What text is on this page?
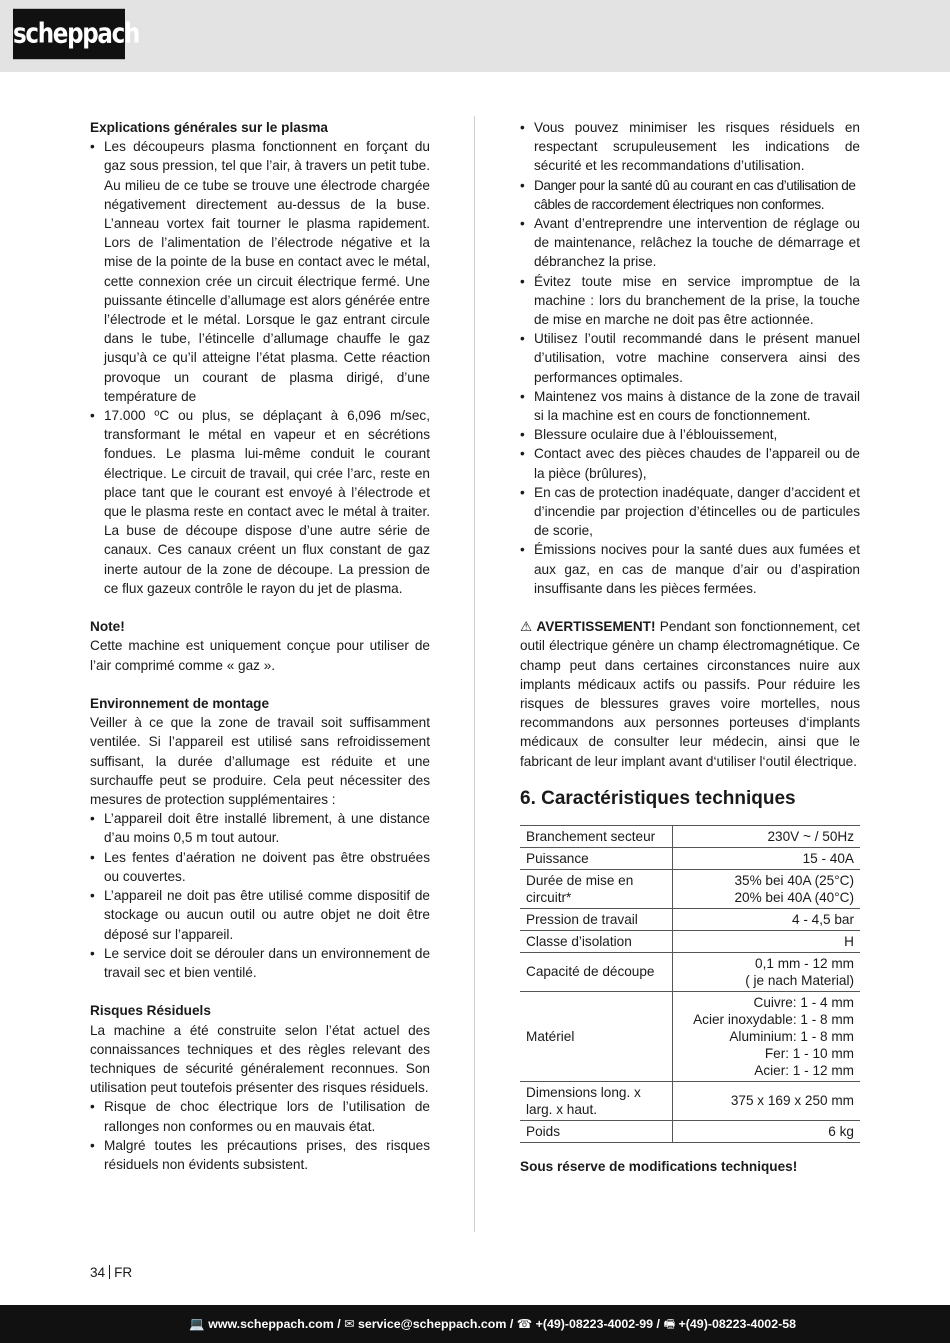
scheppach

Explications générales sur le plasma

• Les découpeurs plasma fonctionnent en forçant du gaz sous pression, tel que l’air, à travers un petit tube. Au milieu de ce tube se trouve une électrode chargée négativement directement au-dessus de la buse. L’anneau vortex fait tourner le plasma rapidement. Lors de l’alimentation de l’électrode négative et la mise de la pointe de la buse en contact avec le métal, cette connexion crée un circuit électrique fermé. Une puissante étincelle d’allumage est alors générée entre l’électrode et le métal. Lorsque le gaz entrant circule dans le tube, l’étincelle d’allumage chauffe le gaz jusqu’à ce qu’il atteigne l’état plasma. Cette réaction provoque un courant de plasma dirigé, d’une température de
• 17.000 ºC ou plus, se déplaçant à 6,096 m/sec, transformant le métal en vapeur et en sécrétions fondues. Le plasma lui-même conduit le courant électrique. Le circuit de travail, qui crée l’arc, reste en place tant que le courant est envoyé à l’électrode et que le plasma reste en contact avec le métal à traiter. La buse de découpe dispose d’une autre série de canaux. Ces canaux créent un flux constant de gaz inerte autour de la zone de découpe. La pression de ce flux gazeux contrôle le rayon du jet de plasma.

Note!

Cette machine est uniquement conçue pour utiliser de l’air comprimé comme « gaz ».

Environnement de montage

Veiller à ce que la zone de travail soit suffisamment ventilée. Si l’appareil est utilisé sans refroidissement suffisant, la durée d’allumage est réduite et une surchauffe peut se produire. Cela peut nécessiter des mesures de protection supplémentaires :

• L’appareil doit être installé librement, à une distance d’au moins 0,5 m tout autour.
• Les fentes d’aération ne doivent pas être obstruées ou couvertes.
• L’appareil ne doit pas être utilisé comme dispositif de stockage ou aucun outil ou autre objet ne doit être déposé sur l’appareil.
• Le service doit se dérouler dans un environnement de travail sec et bien ventilé.

Risques Résiduels

La machine a été construite selon l’état actuel des connaissances techniques et des règles relevant des techniques de sécurité généralement reconnues. Son utilisation peut toutefois présenter des risques résiduels.

• Risque de choc électrique lors de l’utilisation de rallonges non conformes ou en mauvais état.
• Malgré toutes les précautions prises, des risques résiduels non évidents subsistent.
• Vous pouvez minimiser les risques résiduels en respectant scrupuleusement les indications de sécurité et les recommandations d’utilisation.
• Danger pour la santé dû au courant en cas d’utilisation de câbles de raccordement électriques non conformes.
• Avant d’entreprendre une intervention de réglage ou de maintenance, relâchez la touche de démarrage et débranchez la prise.
• Évitez toute mise en service impromptue de la machine : lors du branchement de la prise, la touche de mise en marche ne doit pas être actionnée.
• Utilisez l’outil recommandé dans le présent manuel d’utilisation, votre machine conservera ainsi des performances optimales.
• Maintenez vos mains à distance de la zone de travail si la machine est en cours de fonctionnement.
• Blessure oculaire due à l’éblouissement,
• Contact avec des pièces chaudes de l’appareil ou de la pièce (brûlures),
• En cas de protection inadéquate, danger d’accident et d’incendie par projection d’étincelles ou de particules de scorie,
• Émissions nocives pour la santé dues aux fumées et aux gaz, en cas de manque d’air ou d’aspiration insuffisante dans les pièces fermées.

⚠ AVERTISSEMENT! Pendant son fonctionnement, cet outil électrique génère un champ électromagnétique. Ce champ peut dans certaines circonstances nuire aux implants médicaux actifs ou passifs. Pour réduire les risques de blessures graves voire mortelles, nous recommandons aux personnes porteuses d‘implants médicaux de consulter leur médecin, ainsi que le fabricant de leur implant avant d‘utiliser l‘outil électrique.

6. Caractéristiques techniques
Branchement secteur	230V ~ / 50Hz
Puissance	15 - 40A
Durée de mise en circuitr*	35% bei 40A (25°C)
20% bei 40A (40°C)
Pression de travail	4 - 4,5 bar
Classe d’isolation	H
Capacité de découpe	0,1 mm - 12 mm
( je nach Material)
Matériel	Cuivre: 1 - 4 mm
Acier inoxydable: 1 - 8 mm
Aluminium: 1 - 8 mm
Fer: 1 - 10 mm
Acier: 1 - 12 mm
Dimensions long. x larg. x haut.	375 x 169 x 250 mm
Poids	6 kg

Sous réserve de modifications techniques!

34 FR
💻 www.scheppach.com / ✉ service@scheppach.com / ☎ +(49)-08223-4002-99 / 🖷 +(49)-08223-4002-58
